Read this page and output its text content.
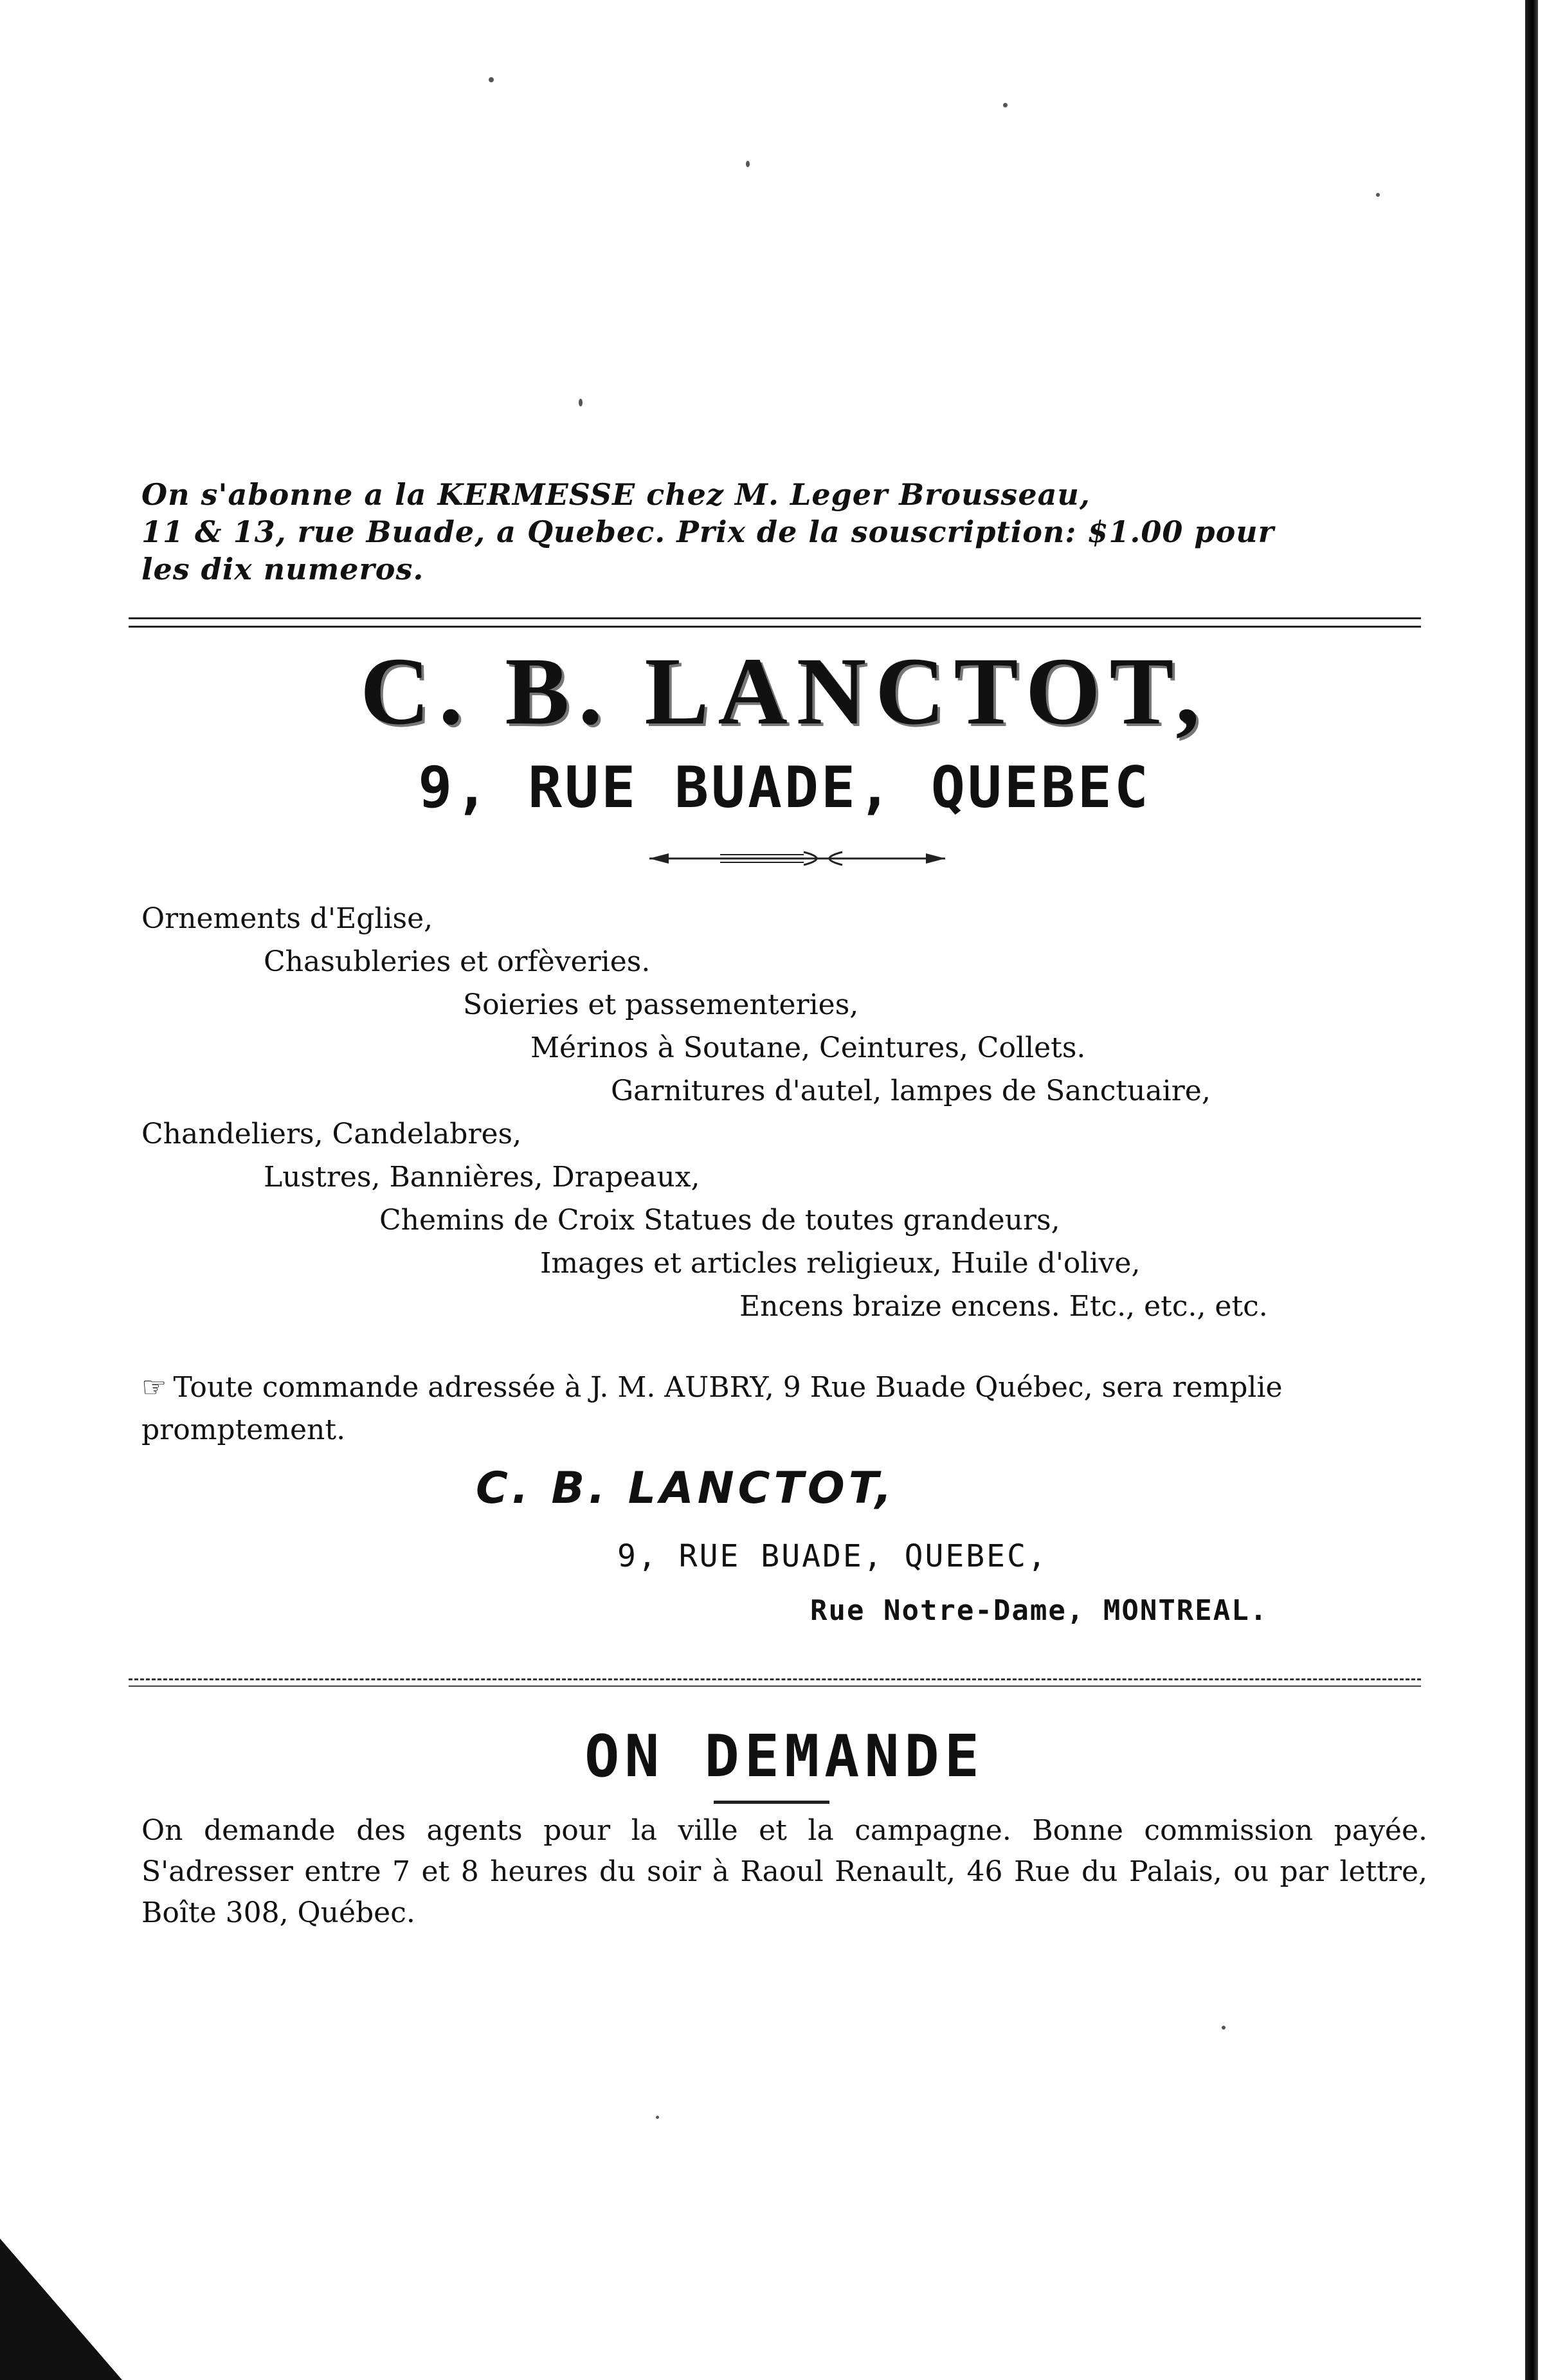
On s'abonne a la KERMESSE chez M. Leger Brousseau,
11 & 13, rue Buade, a Quebec. Prix de la souscription: $1.00 pour
les dix numeros.
C. B. LANCTOT,
9, RUE BUADE, QUEBEC
Ornements d'Eglise,
Chasubleries et orfèveries.
Soieries et passementeries,
Mérinos à Soutane, Ceintures, Collets.
Garnitures d'autel, lampes de Sanctuaire,
Chandeliers, Candelabres,
Lustres, Bannières, Drapeaux,
Chemins de Croix Statues de toutes grandeurs,
Images et articles religieux, Huile d'olive,
Encens braize encens. Etc., etc., etc.
☞ Toute commande adressée à J. M. AUBRY, 9 Rue Buade Québec, sera remplie promptement.
C. B. LANCTOT,
9, RUE BUADE, QUEBEC,
Rue Notre-Dame, MONTREAL.
ON DEMANDE
On demande des agents pour la ville et la campagne. Bonne commission payée. S'adresser entre 7 et 8 heures du soir à Raoul Renault, 46 Rue du Palais, ou par lettre, Boîte 308, Québec.
